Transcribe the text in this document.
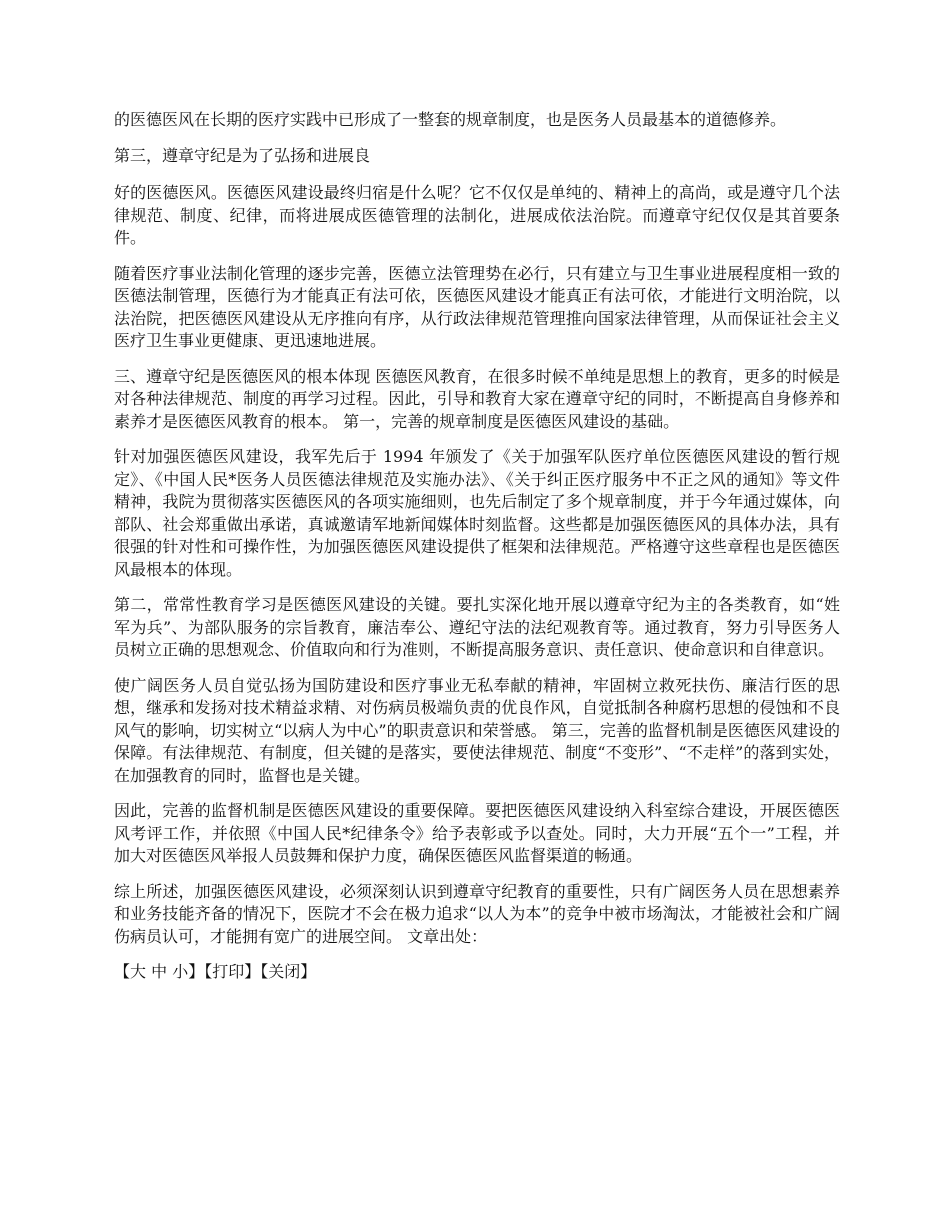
的医德医风在长期的医疗实践中已形成了一整套的规章制度，也是医务人员最基本的道德修养。

第三，遵章守纪是为了弘扬和进展良

好的医德医风。医德医风建设最终归宿是什么呢？它不仅仅是单纯的、精神上的高尚，或是遵守几个法律规范、制度、纪律，而将进展成医德管理的法制化，进展成依法治院。而遵章守纪仅仅是其首要条件。

随着医疗事业法制化管理的逐步完善，医德立法管理势在必行，只有建立与卫生事业进展程度相一致的医德法制管理，医德行为才能真正有法可依，医德医风建设才能真正有法可依，才能进行文明治院，以法治院，把医德医风建设从无序推向有序，从行政法律规范管理推向国家法律管理，从而保证社会主义医疗卫生事业更健康、更迅速地进展。

三、遵章守纪是医德医风的根本体现 医德医风教育，在很多时候不单纯是思想上的教育，更多的时候是对各种法律规范、制度的再学习过程。因此，引导和教育大家在遵章守纪的同时，不断提高自身修养和素养才是医德医风教育的根本。 第一，完善的规章制度是医德医风建设的基础。

针对加强医德医风建设，我军先后于 1994 年颁发了《关于加强军队医疗单位医德医风建设的暂行规定》、《中国人民*医务人员医德法律规范及实施办法》、《关于纠正医疗服务中不正之风的通知》等文件精神，我院为贯彻落实医德医风的各项实施细则，也先后制定了多个规章制度，并于今年通过媒体，向部队、社会郑重做出承诺，真诚邀请军地新闻媒体时刻监督。这些都是加强医德医风的具体办法，具有很强的针对性和可操作性，为加强医德医风建设提供了框架和法律规范。严格遵守这些章程也是医德医风最根本的体现。

第二，常常性教育学习是医德医风建设的关键。要扎实深化地开展以遵章守纪为主的各类教育，如“姓军为兵”、为部队服务的宗旨教育，廉洁奉公、遵纪守法的法纪观教育等。通过教育，努力引导医务人员树立正确的思想观念、价值取向和行为准则，不断提高服务意识、责任意识、使命意识和自律意识。

使广阔医务人员自觉弘扬为国防建设和医疗事业无私奉献的精神，牢固树立救死扶伤、廉洁行医的思想，继承和发扬对技术精益求精、对伤病员极端负责的优良作风，自觉抵制各种腐朽思想的侵蚀和不良风气的影响，切实树立“以病人为中心”的职责意识和荣誉感。 第三，完善的监督机制是医德医风建设的保障。有法律规范、有制度，但关键的是落实，要使法律规范、制度“不变形”、“不走样”的落到实处，在加强教育的同时，监督也是关键。

因此，完善的监督机制是医德医风建设的重要保障。要把医德医风建设纳入科室综合建设，开展医德医风考评工作，并依照《中国人民*纪律条令》给予表彰或予以查处。同时，大力开展“五个一”工程，并加大对医德医风举报人员鼓舞和保护力度，确保医德医风监督渠道的畅通。

综上所述，加强医德医风建设，必须深刻认识到遵章守纪教育的重要性，只有广阔医务人员在思想素养和业务技能齐备的情况下，医院才不会在极力追求“以人为本”的竞争中被市场淘汰，才能被社会和广阔伤病员认可，才能拥有宽广的进展空间。 文章出处：

【大 中 小】【打印】【关闭】
